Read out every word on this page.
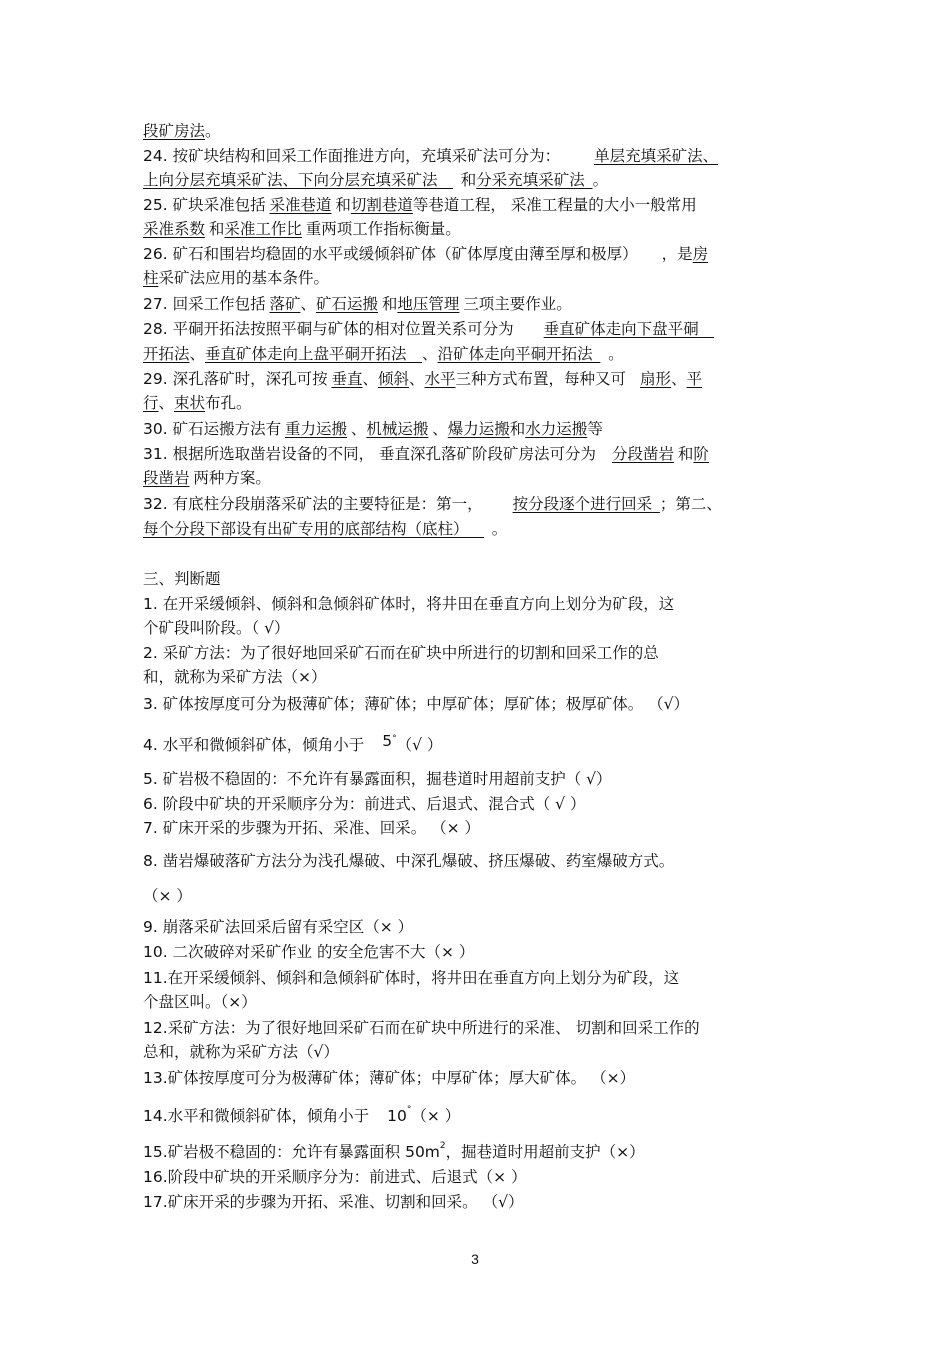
段矿房法。
24. 按矿块结构和回采工作面推进方向，充填采矿法可分为： 单层充填采矿法、
上向分层充填采矿法、下向分层充填采矿法   和分采充填采矿法  。
25. 矿块采准包括  采准巷道  和切割巷道等巷道工程， 采准工程量的大小一般常用
采准系数  和采准工作比  重两项工作指标衡量。
26. 矿石和围岩均稳固的水平或缓倾斜矿体（矿体厚度由薄至厚和极厚） ，是房
柱采矿法应用的基本条件。
27. 回采工作包括  落矿、矿石运搬  和地压管理  三项主要作业。
28. 平硐开拓法按照平硐与矿体的相对位置关系可分为 垂直矿体走向下盘平硐 
开拓法、垂直矿体走向上盘平硐开拓法  、沿矿体走向平硐开拓法   。
29. 深孔落矿时，深孔可按  垂直、倾斜、水平三种方式布置，每种又可 扇形、平
行、束状布孔。
30. 矿石运搬方法有  重力运搬  、机械运搬  、爆力运搬和水力运搬等
31. 根据所选取凿岩设备的不同， 垂直深孔落矿阶段矿房法可分为 分段凿岩  和阶
段凿岩  两种方案。
32. 有底柱分段崩落采矿法的主要特征是：第一， 按分段逐个进行回采  ；第二、
每个分段下部设有出矿专用的底部结构（底柱）   。
三、判断题
1. 在开采缓倾斜、倾斜和急倾斜矿体时，将井田在垂直方向上划分为矿段，这
个矿段叫阶段。（ √）
2. 采矿方法：为了很好地回采矿石而在矿块中所进行的切割和回采工作的总
和，就称为采矿方法（×）
3. 矿体按厚度可分为极薄矿体；薄矿体；中厚矿体；厚矿体；极厚矿体。 （√）
4. 水平和微倾斜矿体，倾角小于 5°（√ ）
5. 矿岩极不稳固的：不允许有暴露面积，掘巷道时用超前支护（ √）
6. 阶段中矿块的开采顺序分为：前进式、后退式、混合式（ √ ）
7. 矿床开采的步骤为开拓、采准、回采。 （× ）
8. 凿岩爆破落矿方法分为浅孔爆破、中深孔爆破、挤压爆破、药室爆破方式。
（× ）
9. 崩落采矿法回采后留有采空区（× ）
10. 二次破碎对采矿作业 的安全危害不大（× ）
11.在开采缓倾斜、倾斜和急倾斜矿体时，将井田在垂直方向上划分为矿段，这
个盘区叫。（×）
12.采矿方法：为了很好地回采矿石而在矿块中所进行的采准、 切割和回采工作的
总和，就称为采矿方法（√）
13.矿体按厚度可分为极薄矿体；薄矿体；中厚矿体；厚大矿体。 （×）
14.水平和微倾斜矿体，倾角小于 10°（× ）
15.矿岩极不稳固的：允许有暴露面积 $50m^2$，掘巷道时用超前支护（×）
16.阶段中矿块的开采顺序分为：前进式、后退式（× ）
17.矿床开采的步骤为开拓、采准、切割和回采。 （√）
3
